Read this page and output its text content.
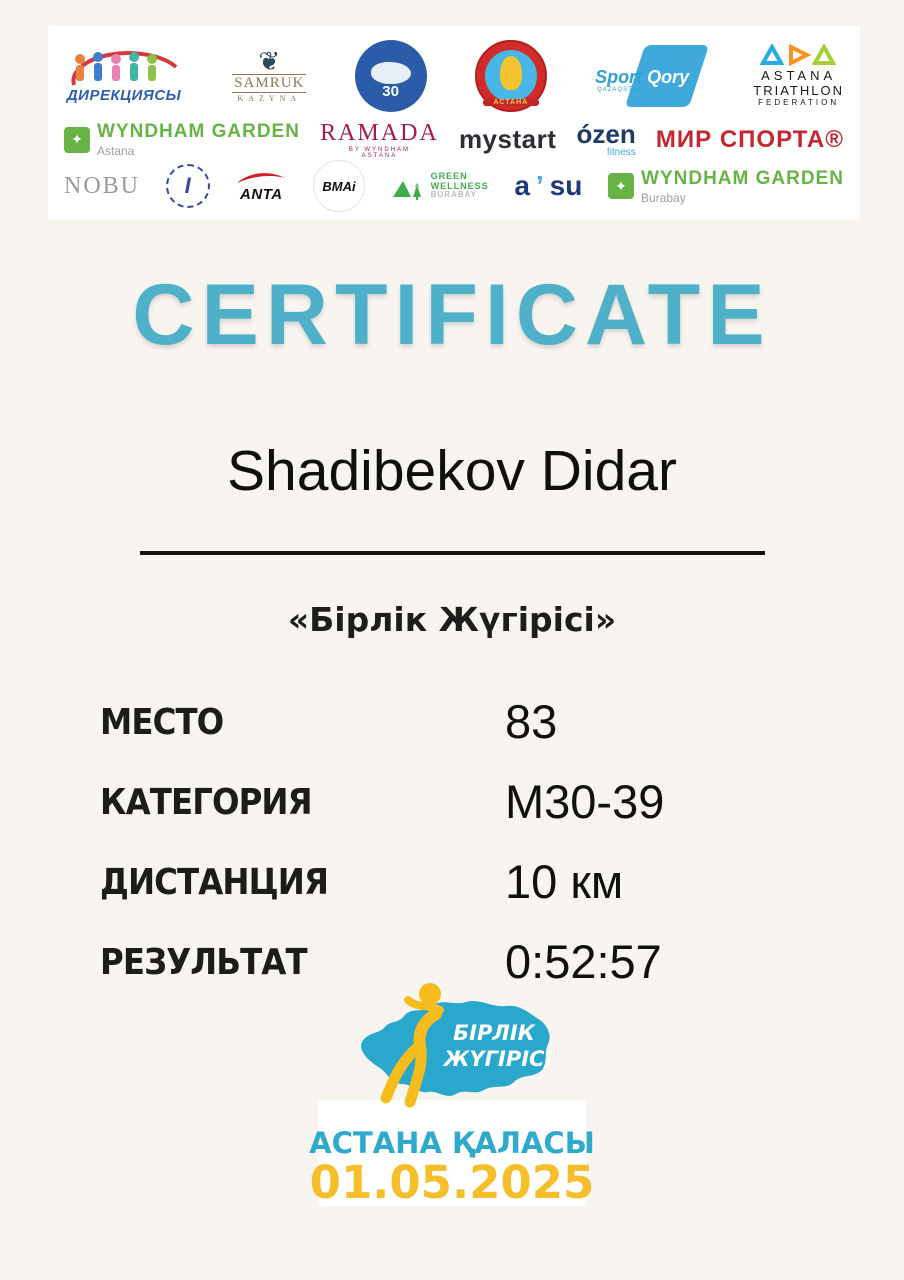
ДИРЕКЦИЯСЫ
❦
SAMRUK
KAZYNA	30
АСТАНА
Sport Qory
QAZAQSTAN
ASTANA
TRIATHLON
FEDERATION
✦ WYNDHAM GARDEN
Astana
RAMADA
BY WYNDHAM
ASTANA
mystart ózen
fitness МИР СПОРТА®
NOBU Ɩ	ANTA	BMAi
GREEN
WELLNESS
BURABAY	a ʼ su	✦ WYNDHAM GARDEN
Burabay
CERTIFICATE
Shadibekov Didar
«Бірлік Жүгірісі»
МЕСТО	83
КАТЕГОРИЯ	M30-39
ДИСТАНЦИЯ	10 км
РЕЗУЛЬТАТ	0:52:57
БІРЛІК
ЖҮГІРІСІ
АСТАНА ҚАЛАСЫ
01.05.2025
